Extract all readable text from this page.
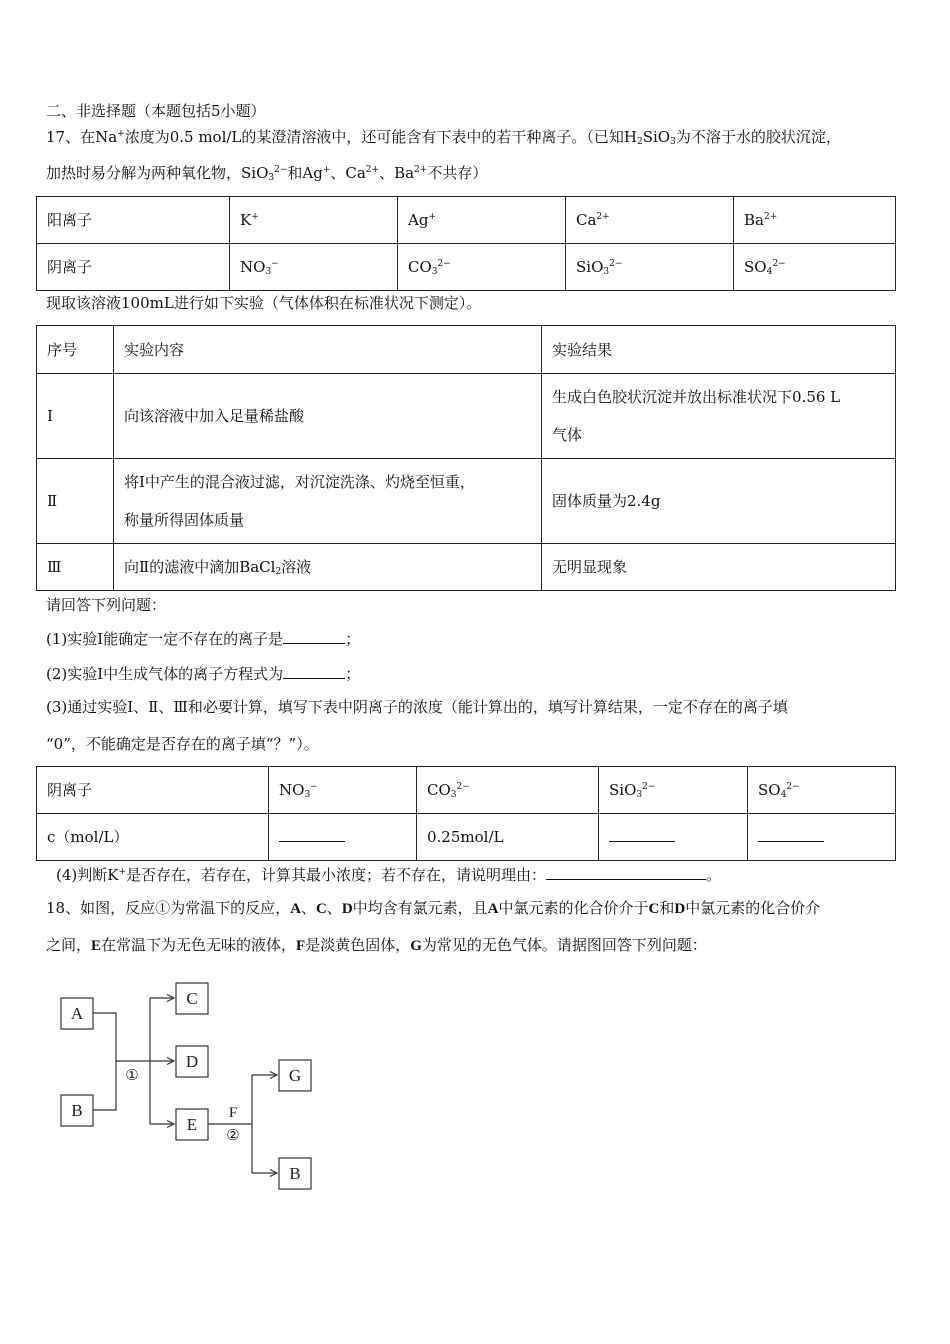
二、非选择题（本题包括5小题）
17、在Na+浓度为0.5 mol/L的某澄清溶液中，还可能含有下表中的若干种离子。（已知$H_2SiO_3$为不溶于水的胶状沉淀，
加热时易分解为两种氧化物，SiO$_3^{2-}$和Ag+、$Ca^{2+}$、$Ba^{2+}$不共存）
阳离子	K+	Ag+	$Ca^{2+}$	$Ba^{2+}$
阴离子	$NO_3^-$	$CO_3^{2-}$	SiO$_3^{2-}$	$SO_4^{2-}$
现取该溶液100mL进行如下实验（气体体积在标准状况下测定）。
序号	实验内容	实验结果
Ⅰ	向该溶液中加入足量稀盐酸	生成白色胶状沉淀并放出标准状况下0.56 L
气体

Ⅱ	将Ⅰ中产生的混合液过滤，对沉淀洗涤、灼烧至恒重，
称量所得固体质量	固体质量为2.4g
Ⅲ	向Ⅱ的滤液中滴加BaCl$_2$溶液	无明显现象
请回答下列问题：
(1)实验Ⅰ能确定一定不存在的离子是	；
(2)实验Ⅰ中生成气体的离子方程式为	；
(3)通过实验Ⅰ、Ⅱ、Ⅲ和必要计算，填写下表中阴离子的浓度（能计算出的，填写计算结果，一定不存在的离子填
“0”，不能确定是否存在的离子填“？”）。
阴离子	$NO_3^-$	$CO_3^{2-}$	SiO$_3^{2-}$	$SO_4^{2-}$
c（mol/L）		0.25mol/L		
(4)判断K+是否存在，若存在，计算其最小浓度；若不存在，请说明理由：	。
18、如图，反应①为常温下的反应，A、C、D中均含有氯元素，且A中氯元素的化合价介于C和D中氯元素的化合价介
之间，E在常温下为无色无味的液体，F是淡黄色固体，G为常见的无色气体。请据图回答下列问题：
A
B
C
D
E
G
B
①
F
②
